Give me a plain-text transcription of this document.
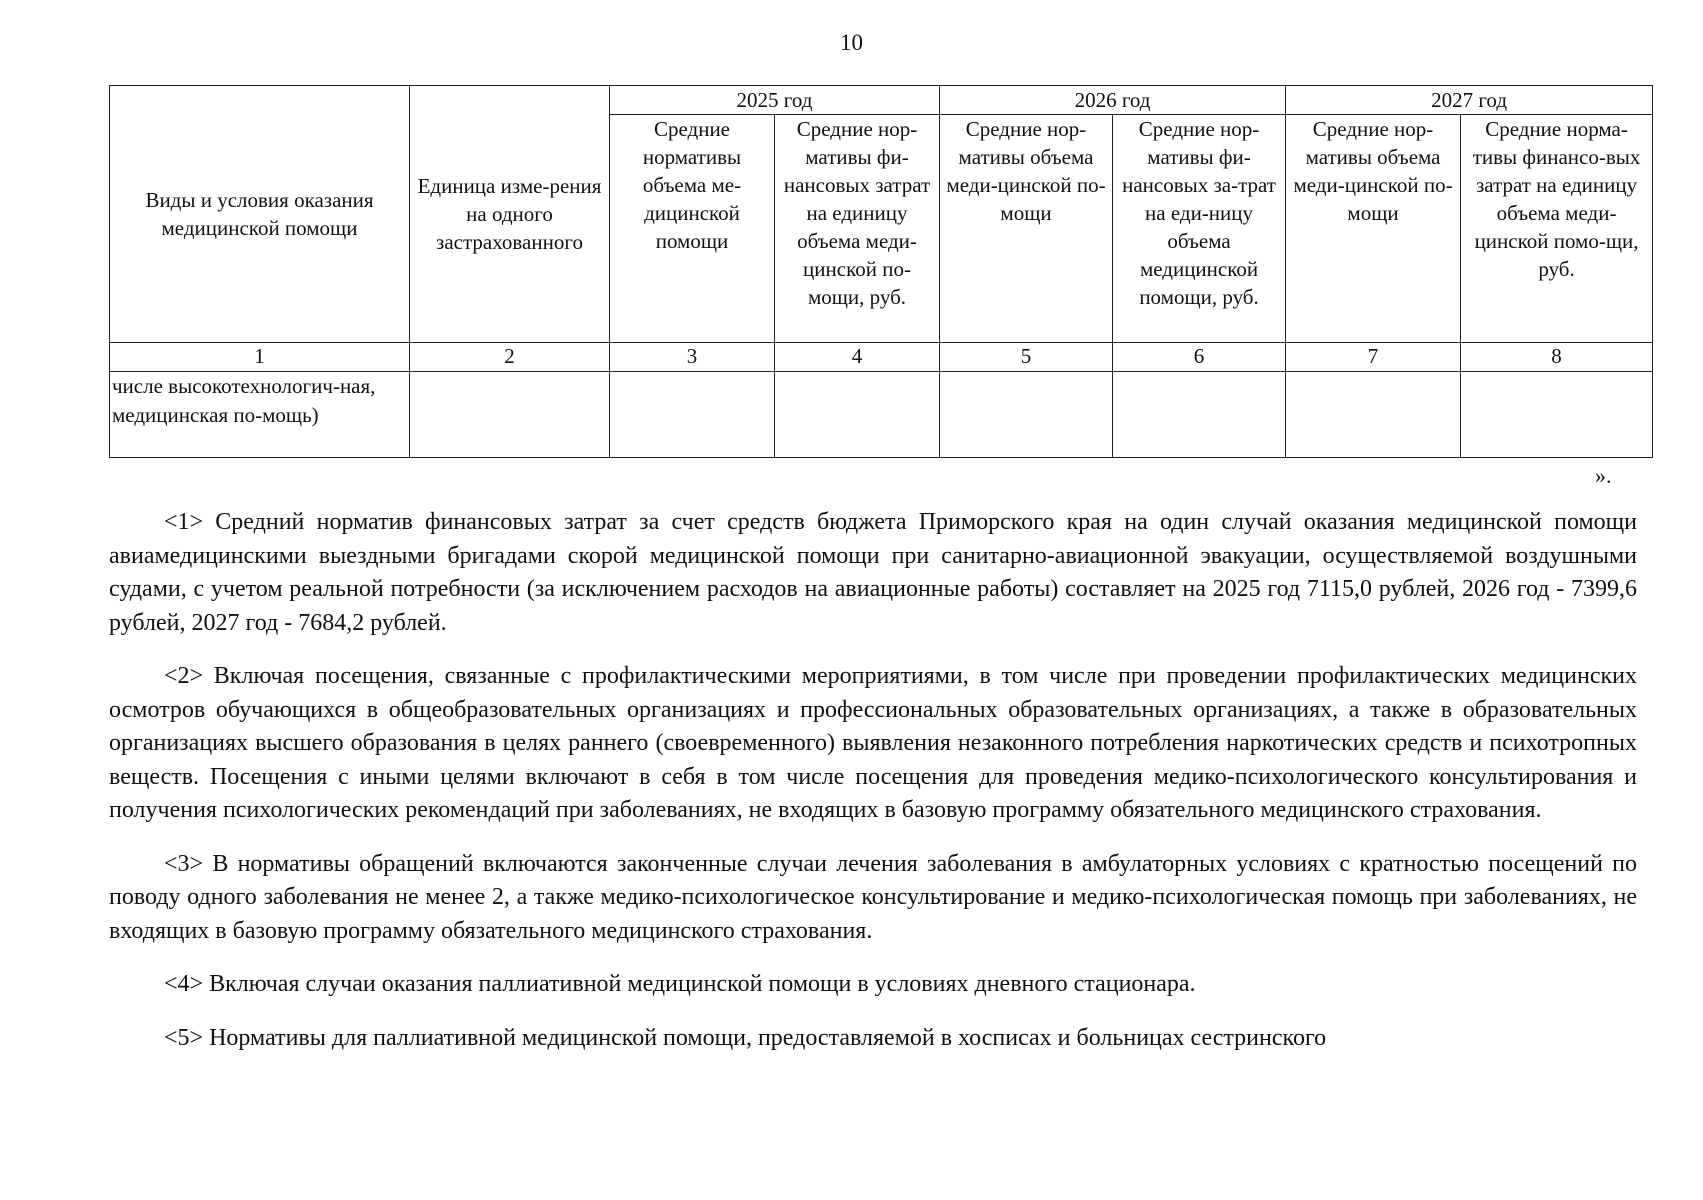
10
Виды и условия оказания медицинской помощи	Единица изме-рения на одного застрахованного	2025 год		2026 год		2027 год	
		Средние нормативы объема ме-дицинской помощи	Средние нор-мативы фи-нансовых затрат на единицу объема меди-цинской по-мощи, руб.	Средние нор-мативы объема меди-цинской по-мощи	Средние нор-мативы фи-нансовых за-трат на еди-ницу объема медицинской помощи, руб.	Средние нор-мативы объема меди-цинской по-мощи	Средние норма-тивы финансо-вых затрат на единицу объема меди-цинской помо-щи, руб.
1	2	3	4	5	6	7	8
числе высокотехнологич-ная, медицинская по-мощь)							
».

<1> Средний норматив финансовых затрат за счет средств бюджета Приморского края на один случай оказания медицинской помощи авиамедицинскими выездными бригадами скорой медицинской помощи при санитарно-авиационной эвакуации, осуществляемой воздушными судами, с учетом реальной потребности (за исключением расходов на авиационные работы) составляет на 2025 год 7115,0 рублей, 2026 год - 7399,6 рублей, 2027 год - 7684,2 рублей.

<2> Включая посещения, связанные с профилактическими мероприятиями, в том числе при проведении профилактических медицинских осмотров обучающихся в общеобразовательных организациях и профессиональных образовательных организациях, а также в образовательных организациях высшего образования в целях раннего (своевременного) выявления незаконного потребления наркотических средств и психотропных веществ. Посещения с иными целями включают в себя в том числе посещения для проведения медико-психологического консультирования и получения психологических рекомендаций при заболеваниях, не входящих в базовую программу обязательного медицинского страхования.

<3> В нормативы обращений включаются законченные случаи лечения заболевания в амбулаторных условиях с кратностью посещений по поводу одного заболевания не менее 2, а также медико-психологическое консультирование и медико-психологическая помощь при заболеваниях, не входящих в базовую программу обязательного медицинского страхования.

<4> Включая случаи оказания паллиативной медицинской помощи в условиях дневного стационара.

<5> Нормативы для паллиативной медицинской помощи, предоставляемой в хосписах и больницах сестринского
